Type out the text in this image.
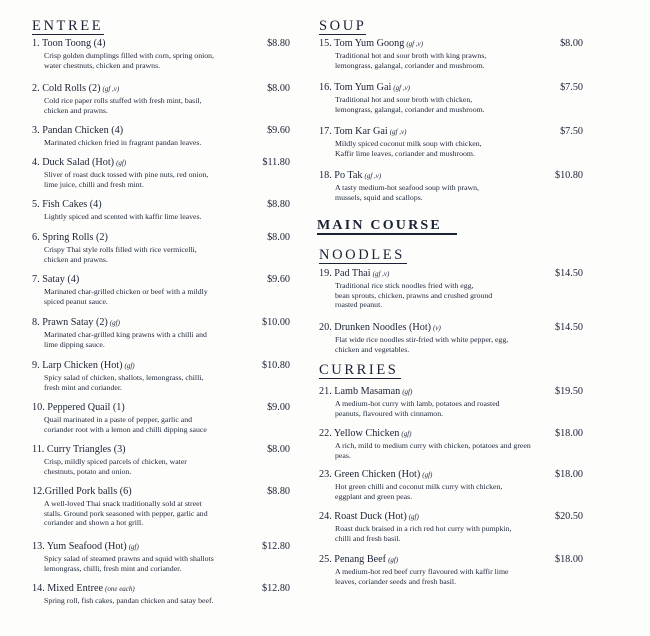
ENTREE
1. Toon Toong (4)	$8.80
Crisp golden dumplings filled with corn, spring onion,
water chestnuts, chicken and prawns.
2. Cold Rolls (2) (gf ,v)	$8.00
Cold rice paper rolls stuffed with fresh mint, basil,
chicken and prawns.
3. Pandan Chicken (4)	$9.60
Marinated chicken fried in fragrant pandan leaves.
4. Duck Salad (Hot) (gf)	$11.80
Sliver of roast duck tossed with pine nuts, red onion,
lime juice, chilli and fresh mint.
5. Fish Cakes (4)	$8.80
Lightly spiced and scented with kaffir lime leaves.
6. Spring Rolls (2)	$8.00
Crispy Thai style rolls filled with rice vermicelli,
chicken and prawns.
7. Satay (4)	$9.60
Marinated char-grilled chicken or beef with a mildly
spiced peanut sauce.
8. Prawn Satay (2) (gf)	$10.00
Marinated char-grilled king prawns with a chilli and
lime dipping sauce.
9. Larp Chicken (Hot) (gf)	$10.80
Spicy salad of chicken, shallots, lemongrass, chilli,
fresh mint and coriander.
10. Peppered Quail (1)	$9.00
Quail marinated in a paste of pepper, garlic and
coriander root with a lemon and chilli dipping sauce
11. Curry Triangles (3)	$8.00
Crisp, mildly spiced parcels of chicken, water
chestnuts, potato and onion.
12.Grilled Pork balls (6)	$8.80
A well-loved Thai snack traditionally sold at street
stalls. Ground pork seasoned with pepper, garlic and
coriander and shown a hot grill.
13. Yum Seafood (Hot) (gf)	$12.80
Spicy salad of steamed prawns and squid with shallots
lemongrass, chilli, fresh mint and coriander.
14. Mixed Entree (one each)	$12.80
Spring roll, fish cakes, pandan chicken and satay beef.
SOUP
15. Tom Yum Goong (gf ,v)	$8.00
Traditional hot and sour broth with king prawns,
lemongrass, galangal, coriander and mushroom.
16. Tom Yum Gai (gf ,v)	$7.50
Traditional hot and sour broth with chicken,
lemongrass, galangal, coriander and mushroom.
17. Tom Kar Gai (gf ,v)	$7.50
Mildly spiced coconut milk soup with chicken,
Kaffir lime leaves, coriander and mushroom.
18. Po Tak (gf ,v)	$10.80
A tasty medium-hot seafood soup with prawn,
mussels, squid and scallops.
MAIN COURSE
NOODLES
19. Pad Thai (gf ,v)	$14.50
Traditional rice stick noodles fried with egg,
bean sprouts, chicken, prawns and crushed ground
roasted peanut.
20. Drunken Noodles (Hot) (v)	$14.50
Flat wide rice noodles stir-fried with white pepper, egg,
chicken and vegetables.
CURRIES
21. Lamb Masaman (gf)	$19.50
A medium-hot curry with lamb, potatoes and roasted
peanuts, flavoured with cinnamon.
22. Yellow Chicken (gf)	$18.00
A rich, mild to medium curry with chicken, potatoes and green
peas.
23. Green Chicken (Hot) (gf)	$18.00
Hot green chilli and coconut milk curry with chicken,
eggplant and green peas.
24. Roast Duck (Hot) (gf)	$20.50
Roast duck braised in a rich red hot curry with pumpkin,
chilli and fresh basil.
25. Penang Beef (gf)	$18.00
A medium-hot red beef curry flavoured with kaffir lime
leaves, coriander seeds and fresh basil.
